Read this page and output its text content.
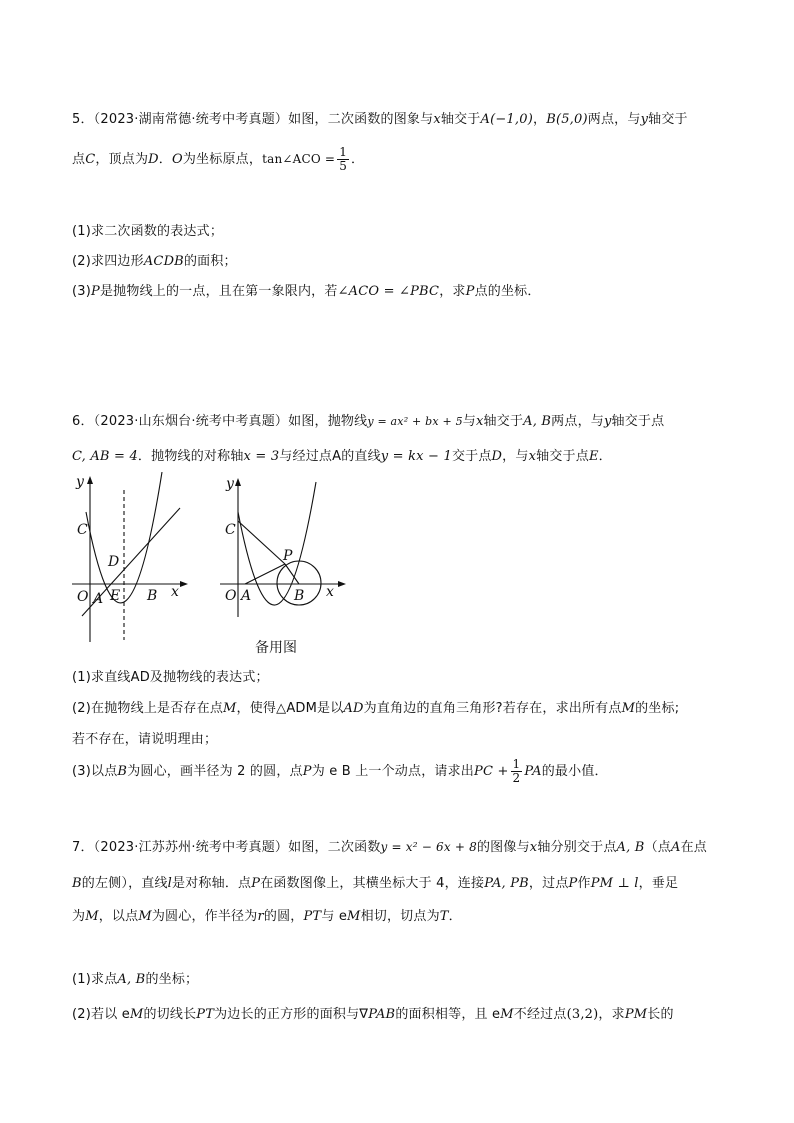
5．（2023·湖南常德·统考中考真题）如图，二次函数的图象与x轴交于A(−1,0)，B(5,0)两点，与y轴交于
点C，顶点为D．O为坐标原点，tan∠ACO = $\frac{1}{5}$ ．
(1)求二次函数的表达式；
(2)求四边形ACDB的面积；
(3)P是抛物线上的一点，且在第一象限内，若∠ACO = ∠PBC，求P点的坐标．
6．（2023·山东烟台·统考中考真题）如图，抛物线y = ax² + bx + 5与x轴交于A, B两点，与y轴交于点
C, AB = 4．抛物线的对称轴x = 3与经过点A的直线y = kx − 1交于点D，与x轴交于点E．
y
C
D
O A E B x
y
C
P
O A	B x
备用图
(1)求直线AD及抛物线的表达式；
(2)在抛物线上是否存在点M，使得△ADM是以AD为直角边的直角三角形?若存在，求出所有点M的坐标;
若不存在，请说明理由；
(3)以点B为圆心，画半径为 2 的圆，点P为 e B 上一个动点，请求出PC + $\frac{1}{2}$ PA的最小值．
7．（2023·江苏苏州·统考中考真题）如图，二次函数y = x² − 6x + 8的图像与x轴分别交于点A, B（点A在点
B的左侧），直线l是对称轴．点P在函数图像上，其横坐标大于 4，连接PA, PB，过点P作PM ⊥ l，垂足
为M，以点M为圆心，作半径为r的圆，PT与 eM相切，切点为T．
(1)求点A, B的坐标；
(2)若以 eM的切线长PT为边长的正方形的面积与∇PAB的面积相等，且 eM不经过点(3,2)，求PM长的
